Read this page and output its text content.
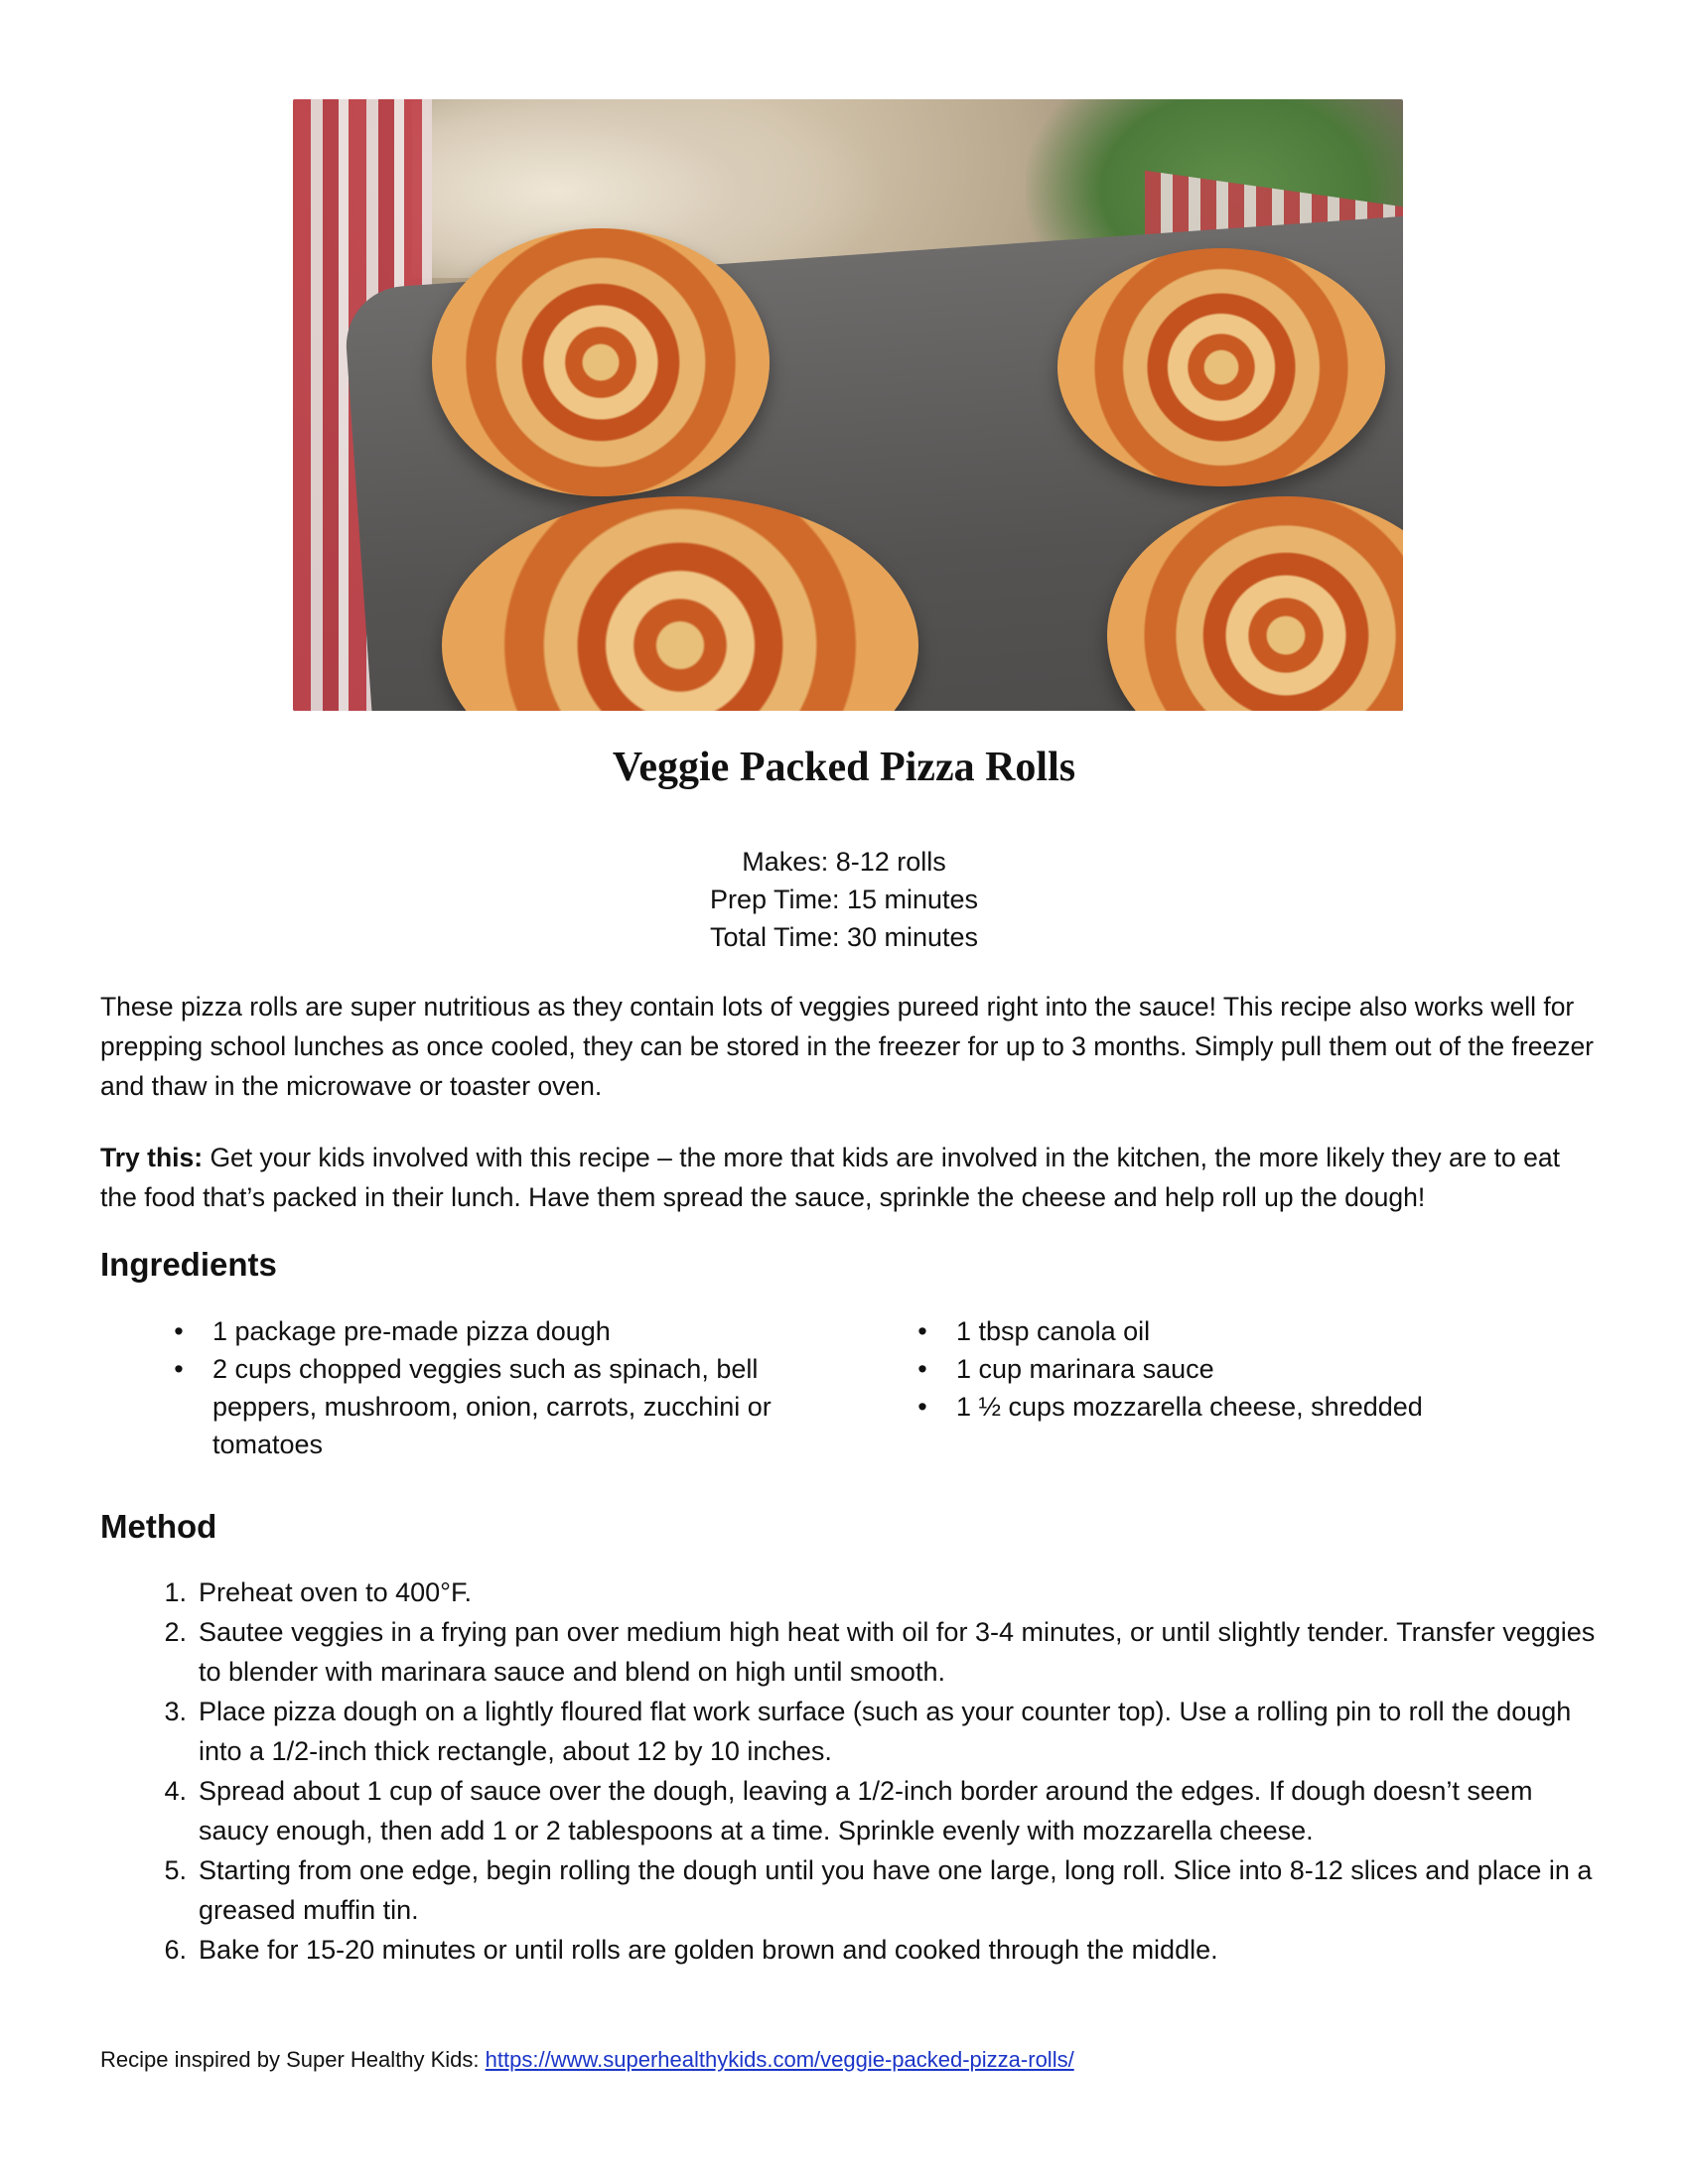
Veggie Packed Pizza Rolls
Makes: 8-12 rolls
Prep Time: 15 minutes
Total Time: 30 minutes
These pizza rolls are super nutritious as they contain lots of veggies pureed right into the sauce! This recipe also works well for prepping school lunches as once cooled, they can be stored in the freezer for up to 3 months. Simply pull them out of the freezer and thaw in the microwave or toaster oven.
Try this: Get your kids involved with this recipe – the more that kids are involved in the kitchen, the more likely they are to eat the food that’s packed in their lunch. Have them spread the sauce, sprinkle the cheese and help roll up the dough!
Ingredients
• 1 package pre-made pizza dough
• 2 cups chopped veggies such as spinach, bell peppers, mushroom, onion, carrots, zucchini or tomatoes
• 1 tbsp canola oil
• 1 cup marinara sauce
• 1 ½ cups mozzarella cheese, shredded
Method
1. Preheat oven to 400°F.
2. Sautee veggies in a frying pan over medium high heat with oil for 3-4 minutes, or until slightly tender. Transfer veggies to blender with marinara sauce and blend on high until smooth.
3. Place pizza dough on a lightly floured flat work surface (such as your counter top). Use a rolling pin to roll the dough into a 1/2-inch thick rectangle, about 12 by 10 inches.
4. Spread about 1 cup of sauce over the dough, leaving a 1/2-inch border around the edges. If dough doesn’t seem saucy enough, then add 1 or 2 tablespoons at a time. Sprinkle evenly with mozzarella cheese.
5. Starting from one edge, begin rolling the dough until you have one large, long roll. Slice into 8-12 slices and place in a greased muffin tin.
6. Bake for 15-20 minutes or until rolls are golden brown and cooked through the middle.
Recipe inspired by Super Healthy Kids: https://www.superhealthykids.com/veggie-packed-pizza-rolls/
